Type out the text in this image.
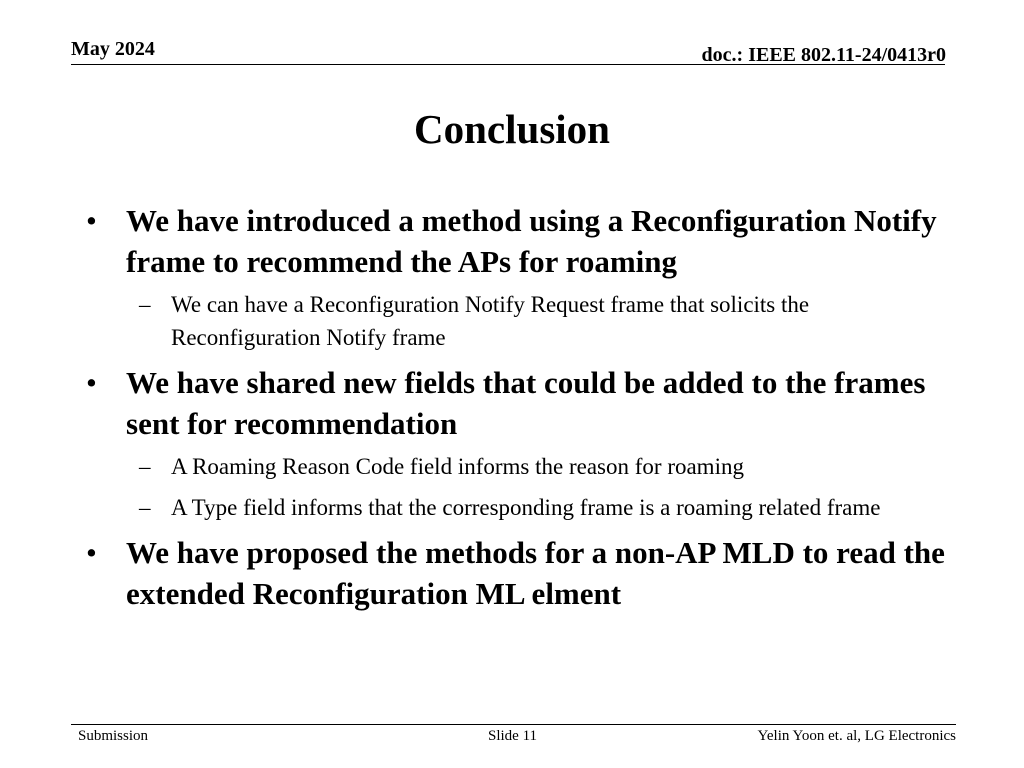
May 2024	doc.: IEEE 802.11-24/0413r0
Conclusion
• We have introduced a method using a Reconfiguration Notify frame to recommend the APs for roaming
– We can have a Reconfiguration Notify Request frame that solicits the Reconfiguration Notify frame
• We have shared new fields that could be added to the frames sent for recommendation
– A Roaming Reason Code field informs the reason for roaming
– A Type field informs that the corresponding frame is a roaming related frame
• We have proposed the methods for a non-AP MLD to read the extended Reconfiguration ML elment
Submission	Slide 11	Yelin Yoon et. al, LG Electronics
